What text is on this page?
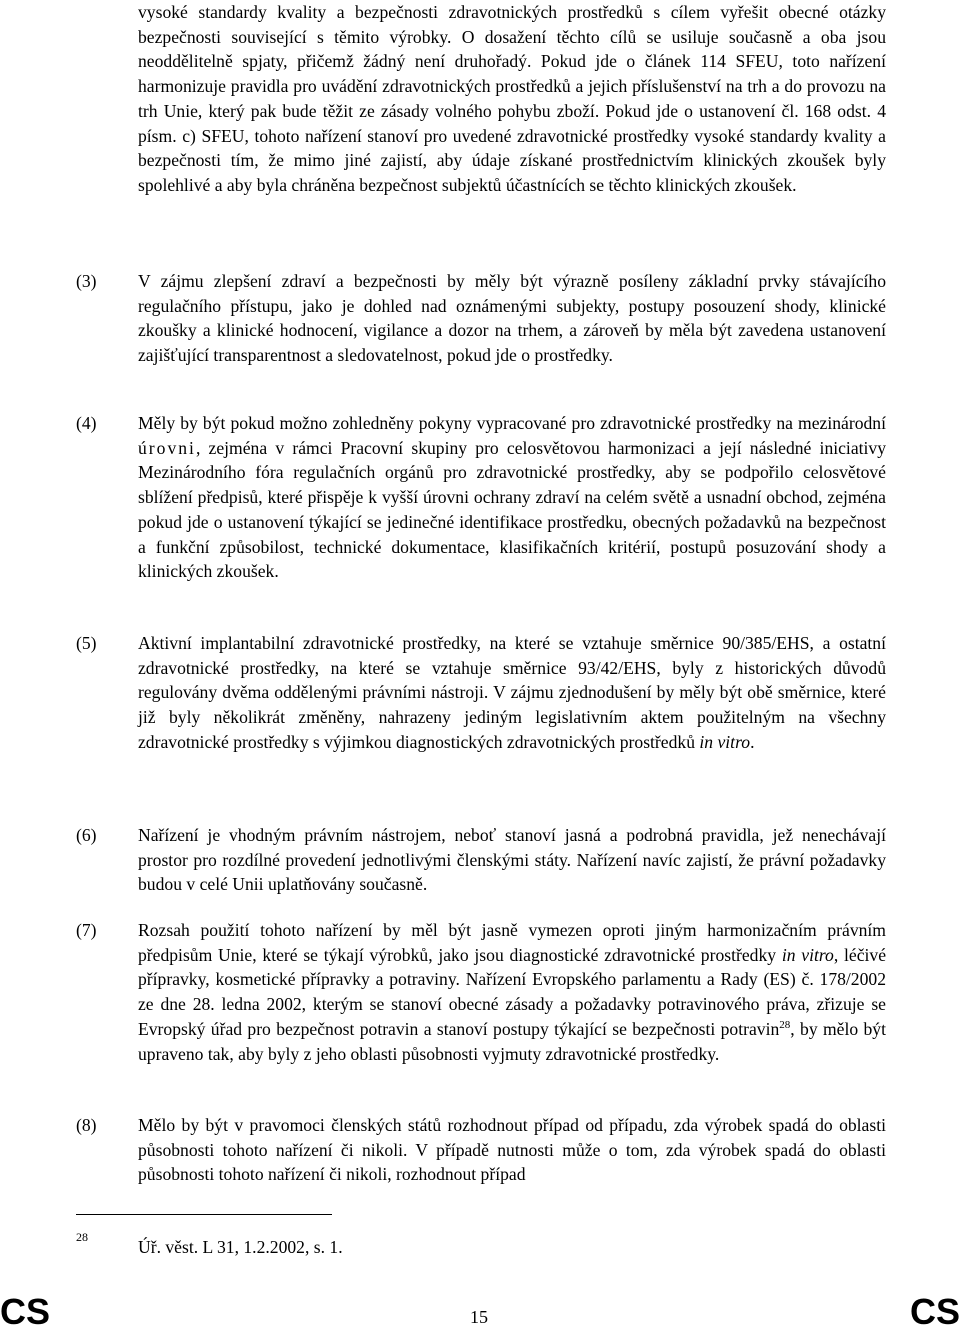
vysoké standardy kvality a bezpečnosti zdravotnických prostředků s cílem vyřešit obecné otázky bezpečnosti související s těmito výrobky. O dosažení těchto cílů se usiluje současně a oba jsou neoddělitelně spjaty, přičemž žádný není druhořadý. Pokud jde o článek 114 SFEU, toto nařízení harmonizuje pravidla pro uvádění zdravotnických prostředků a jejich příslušenství na trh a do provozu na trh Unie, který pak bude těžit ze zásady volného pohybu zboží. Pokud jde o ustanovení čl. 168 odst. 4 písm. c) SFEU, tohoto nařízení stanoví pro uvedené zdravotnické prostředky vysoké standardy kvality a bezpečnosti tím, že mimo jiné zajistí, aby údaje získané prostřednictvím klinických zkoušek byly spolehlivé a aby byla chráněna bezpečnost subjektů účastnících se těchto klinických zkoušek.

(3)	V zájmu zlepšení zdraví a bezpečnosti by měly být výrazně posíleny základní prvky stávajícího regulačního přístupu, jako je dohled nad oznámenými subjekty, postupy posouzení shody, klinické zkoušky a klinické hodnocení, vigilance a dozor na trhem, a zároveň by měla být zavedena ustanovení zajišťující transparentnost a sledovatelnost, pokud jde o prostředky.

(4)	Měly by být pokud možno zohledněny pokyny vypracované pro zdravotnické prostředky na mezinárodní úrovni, zejména v rámci Pracovní skupiny pro celosvětovou harmonizaci a její následné iniciativy Mezinárodního fóra regulačních orgánů pro zdravotnické prostředky, aby se podpořilo celosvětové sblížení předpisů, které přispěje k vyšší úrovni ochrany zdraví na celém světě a usnadní obchod, zejména pokud jde o ustanovení týkající se jedinečné identifikace prostředku, obecných požadavků na bezpečnost a funkční způsobilost, technické dokumentace, klasifikačních kritérií, postupů posuzování shody a klinických zkoušek.

(5)	Aktivní implantabilní zdravotnické prostředky, na které se vztahuje směrnice 90/385/EHS, a ostatní zdravotnické prostředky, na které se vztahuje směrnice 93/42/EHS, byly z historických důvodů regulovány dvěma oddělenými právními nástroji. V zájmu zjednodušení by měly být obě směrnice, které již byly několikrát změněny, nahrazeny jediným legislativním aktem použitelným na všechny zdravotnické prostředky s výjimkou diagnostických zdravotnických prostředků in vitro.

(6)	Nařízení je vhodným právním nástrojem, neboť stanoví jasná a podrobná pravidla, jež nenechávají prostor pro rozdílné provedení jednotlivými členskými státy. Nařízení navíc zajistí, že právní požadavky budou v celé Unii uplatňovány současně.

(7)	Rozsah použití tohoto nařízení by měl být jasně vymezen oproti jiným harmonizačním právním předpisům Unie, které se týkají výrobků, jako jsou diagnostické zdravotnické prostředky in vitro, léčivé přípravky, kosmetické přípravky a potraviny. Nařízení Evropského parlamentu a Rady (ES) č. 178/2002 ze dne 28. ledna 2002, kterým se stanoví obecné zásady a požadavky potravinového práva, zřizuje se Evropský úřad pro bezpečnost potravin a stanoví postupy týkající se bezpečnosti potravin$^{28}$, by mělo být upraveno tak, aby byly z jeho oblasti působnosti vyjmuty zdravotnické prostředky.

(8)	Mělo by být v pravomoci členských států rozhodnout případ od případu, zda výrobek spadá do oblasti působnosti tohoto nařízení či nikoli. V případě nutnosti může o tom, zda výrobek spadá do oblasti působnosti tohoto nařízení či nikoli, rozhodnout případ

28	Úř. věst. L 31, 1.2.2002, s. 1.
CS	15	CS
